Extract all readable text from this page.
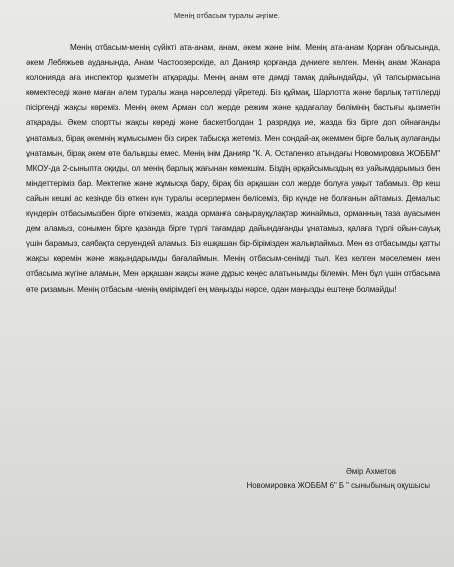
Менің отбасым туралы әңгіме.

Менің отбасым-менің сүйікті ата-анам, анам, әкем және інім. Менің ата-анам Қорған облысында, әкем Лебяжьев ауданында, Анам Частоозерскіде, ал Данияр қорғанда дүниеге келген. Менің анам Жанара колонияда аға инспектор қызметін атқарады. Менің анам өте дәмді тамақ дайындайды, үй тапсырмасына көмектеседі және маған әлем туралы жаңа нәрселерді үйретеді. Біз құймақ, Шарлотта және барлық тәттілерді пісіргенді жақсы көреміз. Менің әкем Арман сол жерде режим және қадағалау бөлімінің бастығы қызметін атқарады. Әкем спортты жақсы көреді және баскетболдан 1 разрядқа ие, жазда біз бірге доп ойнағанды ұнатамыз, бірақ әкемнің жұмысымен біз сирек табысқа жетеміз. Мен сондай-ақ әкеммен бірге балық аулағанды ұнатамын, бірақ әкем өте балықшы емес. Менің інім Данияр "К. А. Остапенко атындағы Новомировка ЖОББМ" МКОУ-да 2-сыныпта оқиды, ол менің барлық жағынан көмекшім. Біздің әрқайсымыздың өз уайымдарымыз бен міндеттеріміз бар. Мектепке және жұмысқа бару, бірақ біз әрқашан сол жерде болуға уақыт табамыз. Әр кеш сайын кешкі ас кезінде біз өткен күн туралы әсерлермен бөлісеміз, бір күнде не болғанын айтамыз. Демалыс күндерін отбасымызбен бірге өткіземіз, жазда орманға саңырауқұлақтар жинаймыз, орманның таза ауасымен дем аламыз, сонымен бірге қазанда бірге түрлі тағамдар дайындағанды ұнатамыз, қалаға түрлі ойын-сауық үшін барамыз, саябақта серуендей аламыз. Біз ешқашан бір-бірімізден жалықпаймыз. Мен өз отбасымды қатты жақсы көремін және жақындарымды бағалаймын. Менің отбасым-сенімді тыл. Кез келген мәселемен мен отбасыма жүгіне аламын, Мен әрқашан жақсы және дұрыс кеңес алатынымды білемін. Мен бұл үшін отбасыма өте ризамын. Менің отбасым -менің өмірімдегі ең маңызды нәрсе, одан маңызды ештеңе болмайды!

Әмір Ахметов
Новомировка ЖОББМ 6" Б " сыныбының оқушысы
